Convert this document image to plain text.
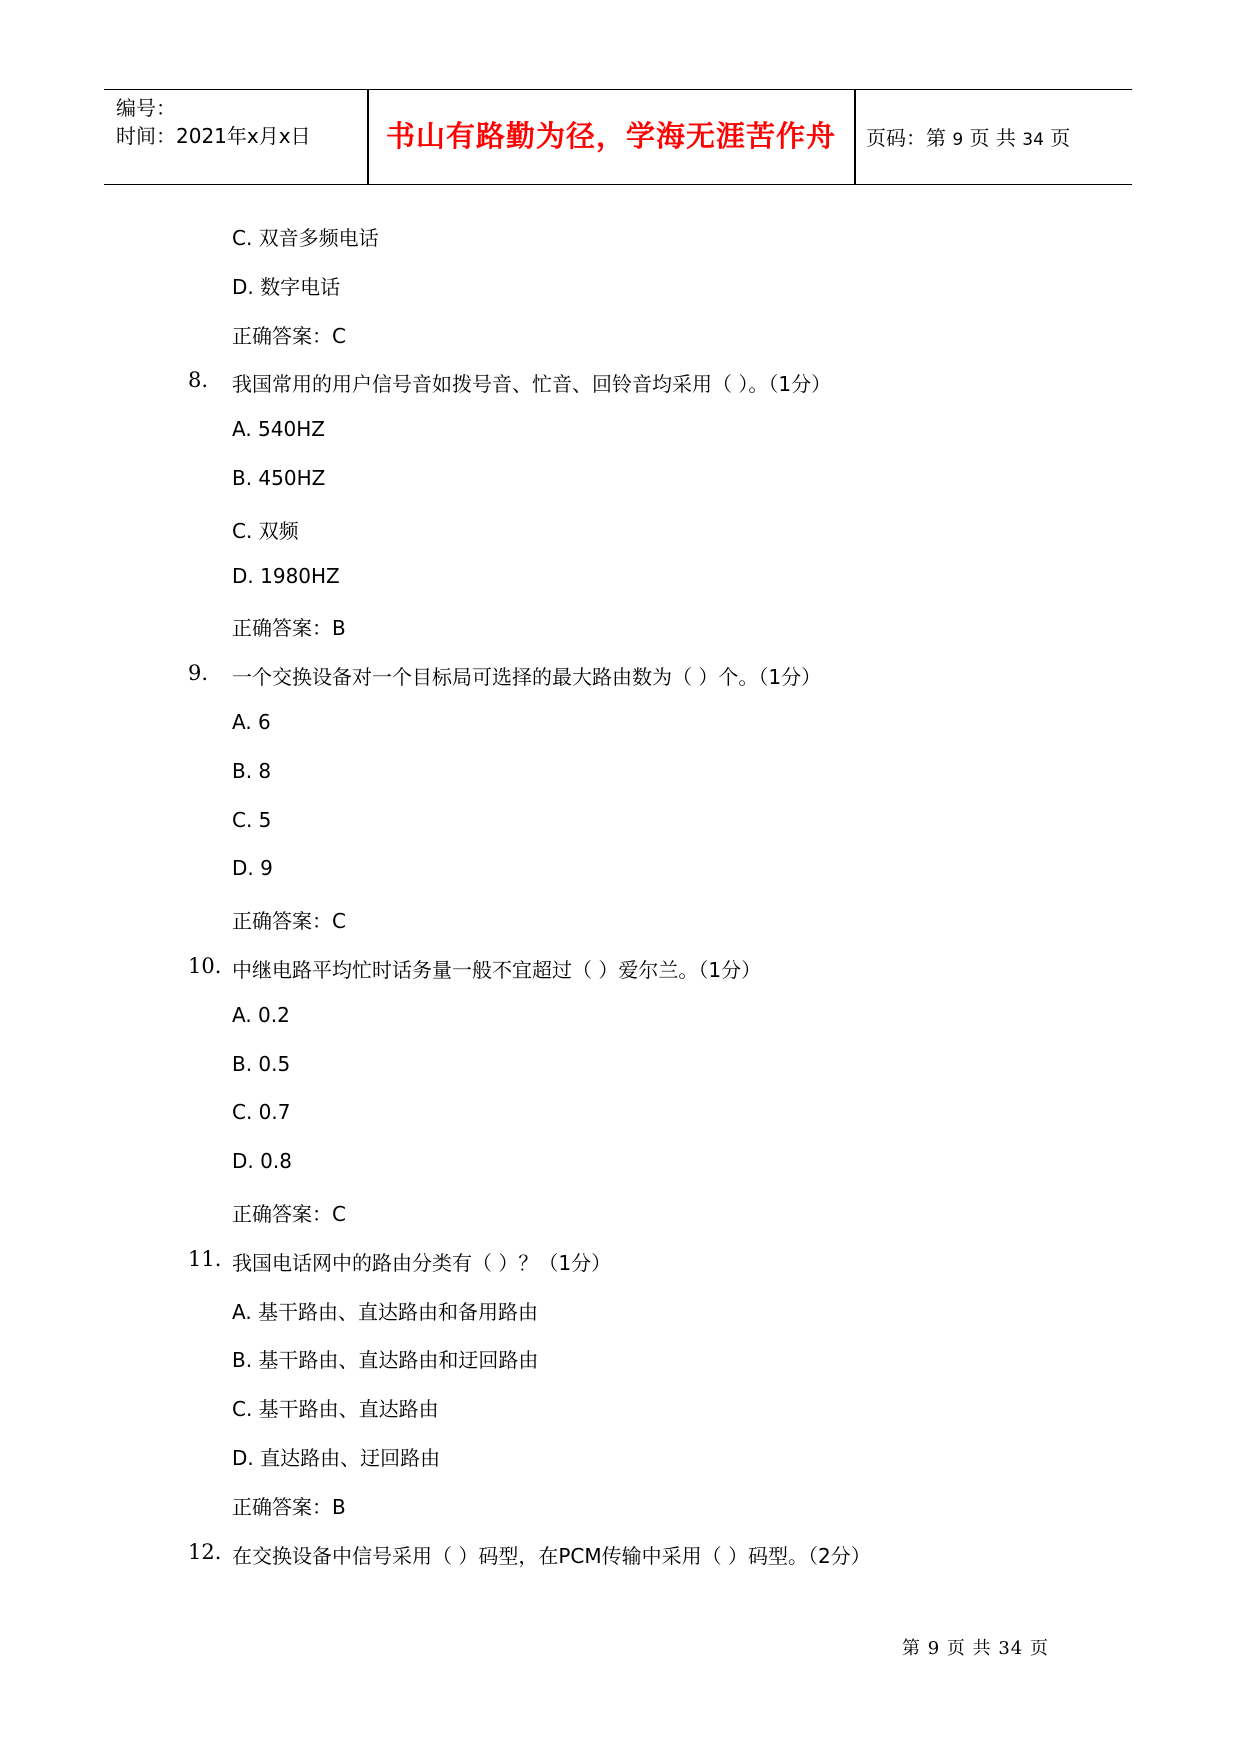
编号：
时间：2021年x月x日	书山有路勤为径，学海无涯苦作舟	页码：第 9 页 共 34 页
C. 双音多频电话
D. 数字电话
正确答案：C
8.	我国常用的用户信号音如拨号音、忙音、回铃音均采用（ ）。（1分）
A. 540HZ
B. 450HZ
C. 双频
D. 1980HZ
正确答案：B
9.	一个交换设备对一个目标局可选择的最大路由数为（ ）个。（1分）
A. 6
B. 8
C. 5
D. 9
正确答案：C
10. 中继电路平均忙时话务量一般不宜超过（ ）爱尔兰。（1分）
A. 0.2
B. 0.5
C. 0.7
D. 0.8
正确答案：C
11. 我国电话网中的路由分类有（ ）？（1分）
A. 基干路由、直达路由和备用路由
B. 基干路由、直达路由和迂回路由
C. 基干路由、直达路由
D. 直达路由、迂回路由
正确答案：B
12. 在交换设备中信号采用（ ）码型，在PCM传输中采用（ ）码型。（2分）
第 9 页 共 34 页
